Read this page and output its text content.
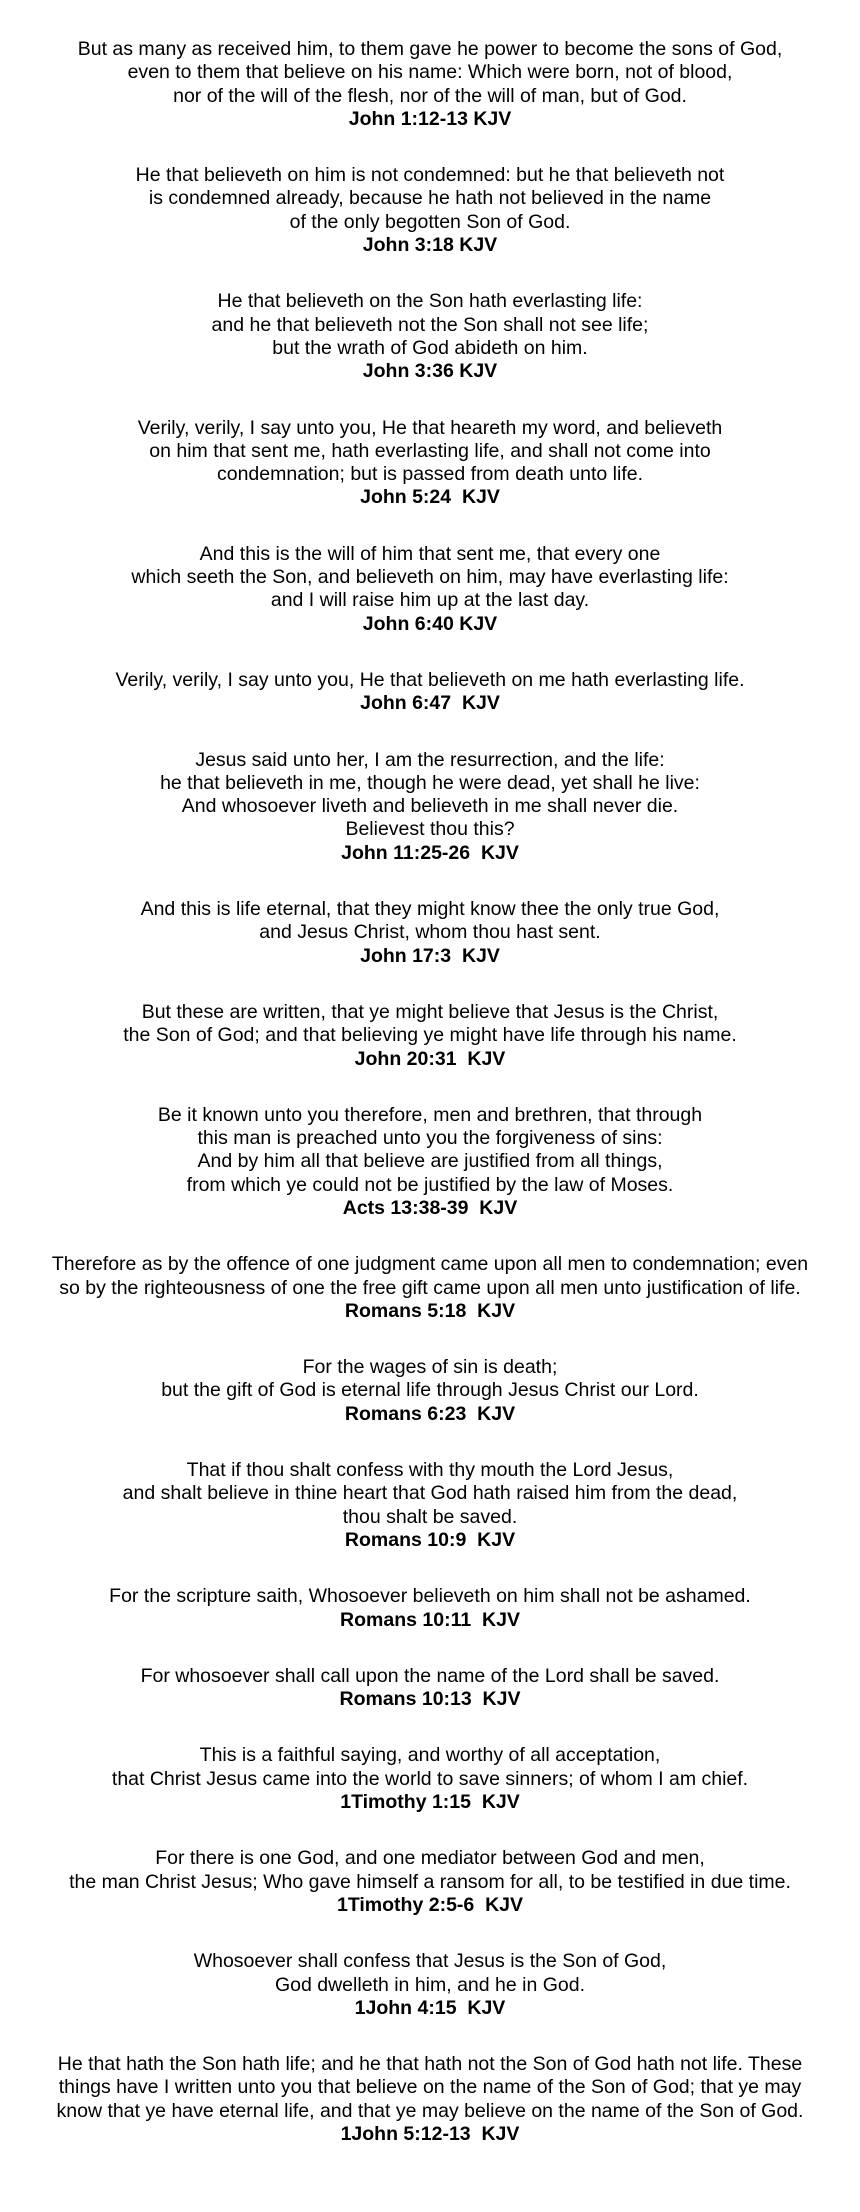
But as many as received him, to them gave he power to become the sons of God,
even to them that believe on his name: Which were born, not of blood,
nor of the will of the flesh, nor of the will of man, but of God.
John 1:12-13 KJV
He that believeth on him is not condemned: but he that believeth not
is condemned already, because he hath not believed in the name
of the only begotten Son of God.
John 3:18 KJV
He that believeth on the Son hath everlasting life:
and he that believeth not the Son shall not see life;
but the wrath of God abideth on him.
John 3:36 KJV
Verily, verily, I say unto you, He that heareth my word, and believeth
on him that sent me, hath everlasting life, and shall not come into
condemnation; but is passed from death unto life.
John 5:24  KJV
And this is the will of him that sent me, that every one
which seeth the Son, and believeth on him, may have everlasting life:
and I will raise him up at the last day.
John 6:40 KJV
Verily, verily, I say unto you, He that believeth on me hath everlasting life.
John 6:47  KJV
Jesus said unto her, I am the resurrection, and the life:
he that believeth in me, though he were dead, yet shall he live:
And whosoever liveth and believeth in me shall never die.
Believest thou this?
John 11:25-26  KJV
And this is life eternal, that they might know thee the only true God,
and Jesus Christ, whom thou hast sent.
John 17:3  KJV
But these are written, that ye might believe that Jesus is the Christ,
the Son of God; and that believing ye might have life through his name.
John 20:31  KJV
Be it known unto you therefore, men and brethren, that through
this man is preached unto you the forgiveness of sins:
And by him all that believe are justified from all things,
from which ye could not be justified by the law of Moses.
Acts 13:38-39  KJV
Therefore as by the offence of one judgment came upon all men to condemnation; even
so by the righteousness of one the free gift came upon all men unto justification of life.
Romans 5:18  KJV
For the wages of sin is death;
but the gift of God is eternal life through Jesus Christ our Lord.
Romans 6:23  KJV
That if thou shalt confess with thy mouth the Lord Jesus,
and shalt believe in thine heart that God hath raised him from the dead,
thou shalt be saved.
Romans 10:9  KJV
For the scripture saith, Whosoever believeth on him shall not be ashamed.
Romans 10:11  KJV
For whosoever shall call upon the name of the Lord shall be saved.
Romans 10:13  KJV
This is a faithful saying, and worthy of all acceptation,
that Christ Jesus came into the world to save sinners; of whom I am chief.
1Timothy 1:15  KJV
For there is one God, and one mediator between God and men,
the man Christ Jesus; Who gave himself a ransom for all, to be testified in due time.
1Timothy 2:5-6  KJV
Whosoever shall confess that Jesus is the Son of God,
God dwelleth in him, and he in God.
1John 4:15  KJV
He that hath the Son hath life; and he that hath not the Son of God hath not life. These
things have I written unto you that believe on the name of the Son of God; that ye may
know that ye have eternal life, and that ye may believe on the name of the Son of God.
1John 5:12-13  KJV
